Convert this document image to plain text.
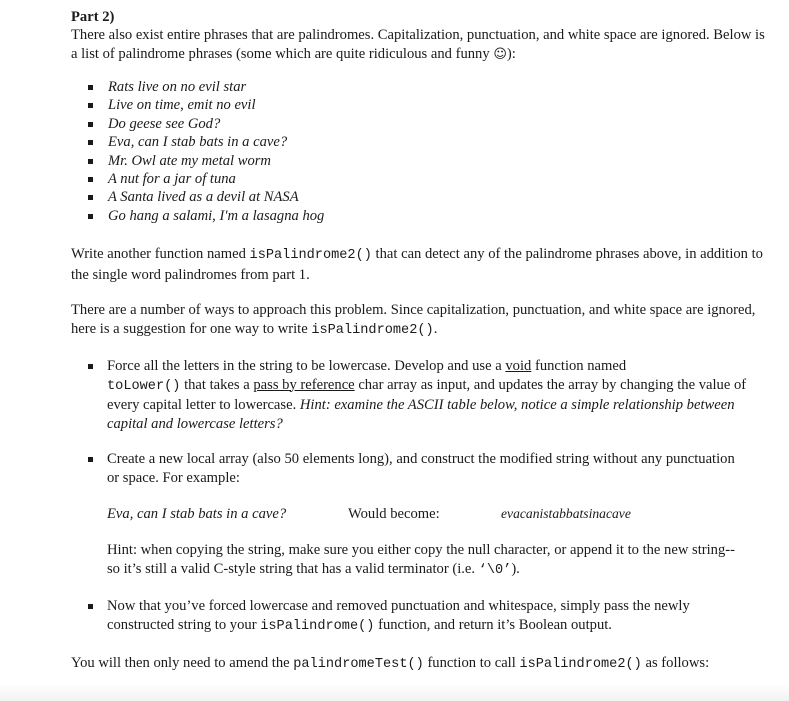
Part 2)

There also exist entire phrases that are palindromes. Capitalization, punctuation, and white space are ignored. Below is a list of palindrome phrases (some which are quite ridiculous and funny ☺):

Rats live on no evil star
Live on time, emit no evil
Do geese see God?
Eva, can I stab bats in a cave?
Mr. Owl ate my metal worm
A nut for a jar of tuna
A Santa lived as a devil at NASA
Go hang a salami, I'm a lasagna hog

Write another function named isPalindrome2() that can detect any of the palindrome phrases above, in addition to the single word palindromes from part 1.

There are a number of ways to approach this problem. Since capitalization, punctuation, and white space are ignored, here is a suggestion for one way to write isPalindrome2().

Force all the letters in the string to be lowercase. Develop and use a void function named
toLower() that takes a pass by reference char array as input, and updates the array by changing the value of every capital letter to lowercase. Hint: examine the ASCII table below, notice a simple relationship between capital and lowercase letters?

Create a new local array (also 50 elements long), and construct the modified string without any punctuation or space. For example:

Eva, can I stab bats in a cave?	Would become:	evacanistabbatsinacave

Hint: when copying the string, make sure you either copy the null character, or append it to the new string-- so it’s still a valid C-style string that has a valid terminator (i.e. ‘\0’).

Now that you’ve forced lowercase and removed punctuation and whitespace, simply pass the newly constructed string to your isPalindrome() function, and return it’s Boolean output.

You will then only need to amend the palindromeTest() function to call isPalindrome2() as follows:
